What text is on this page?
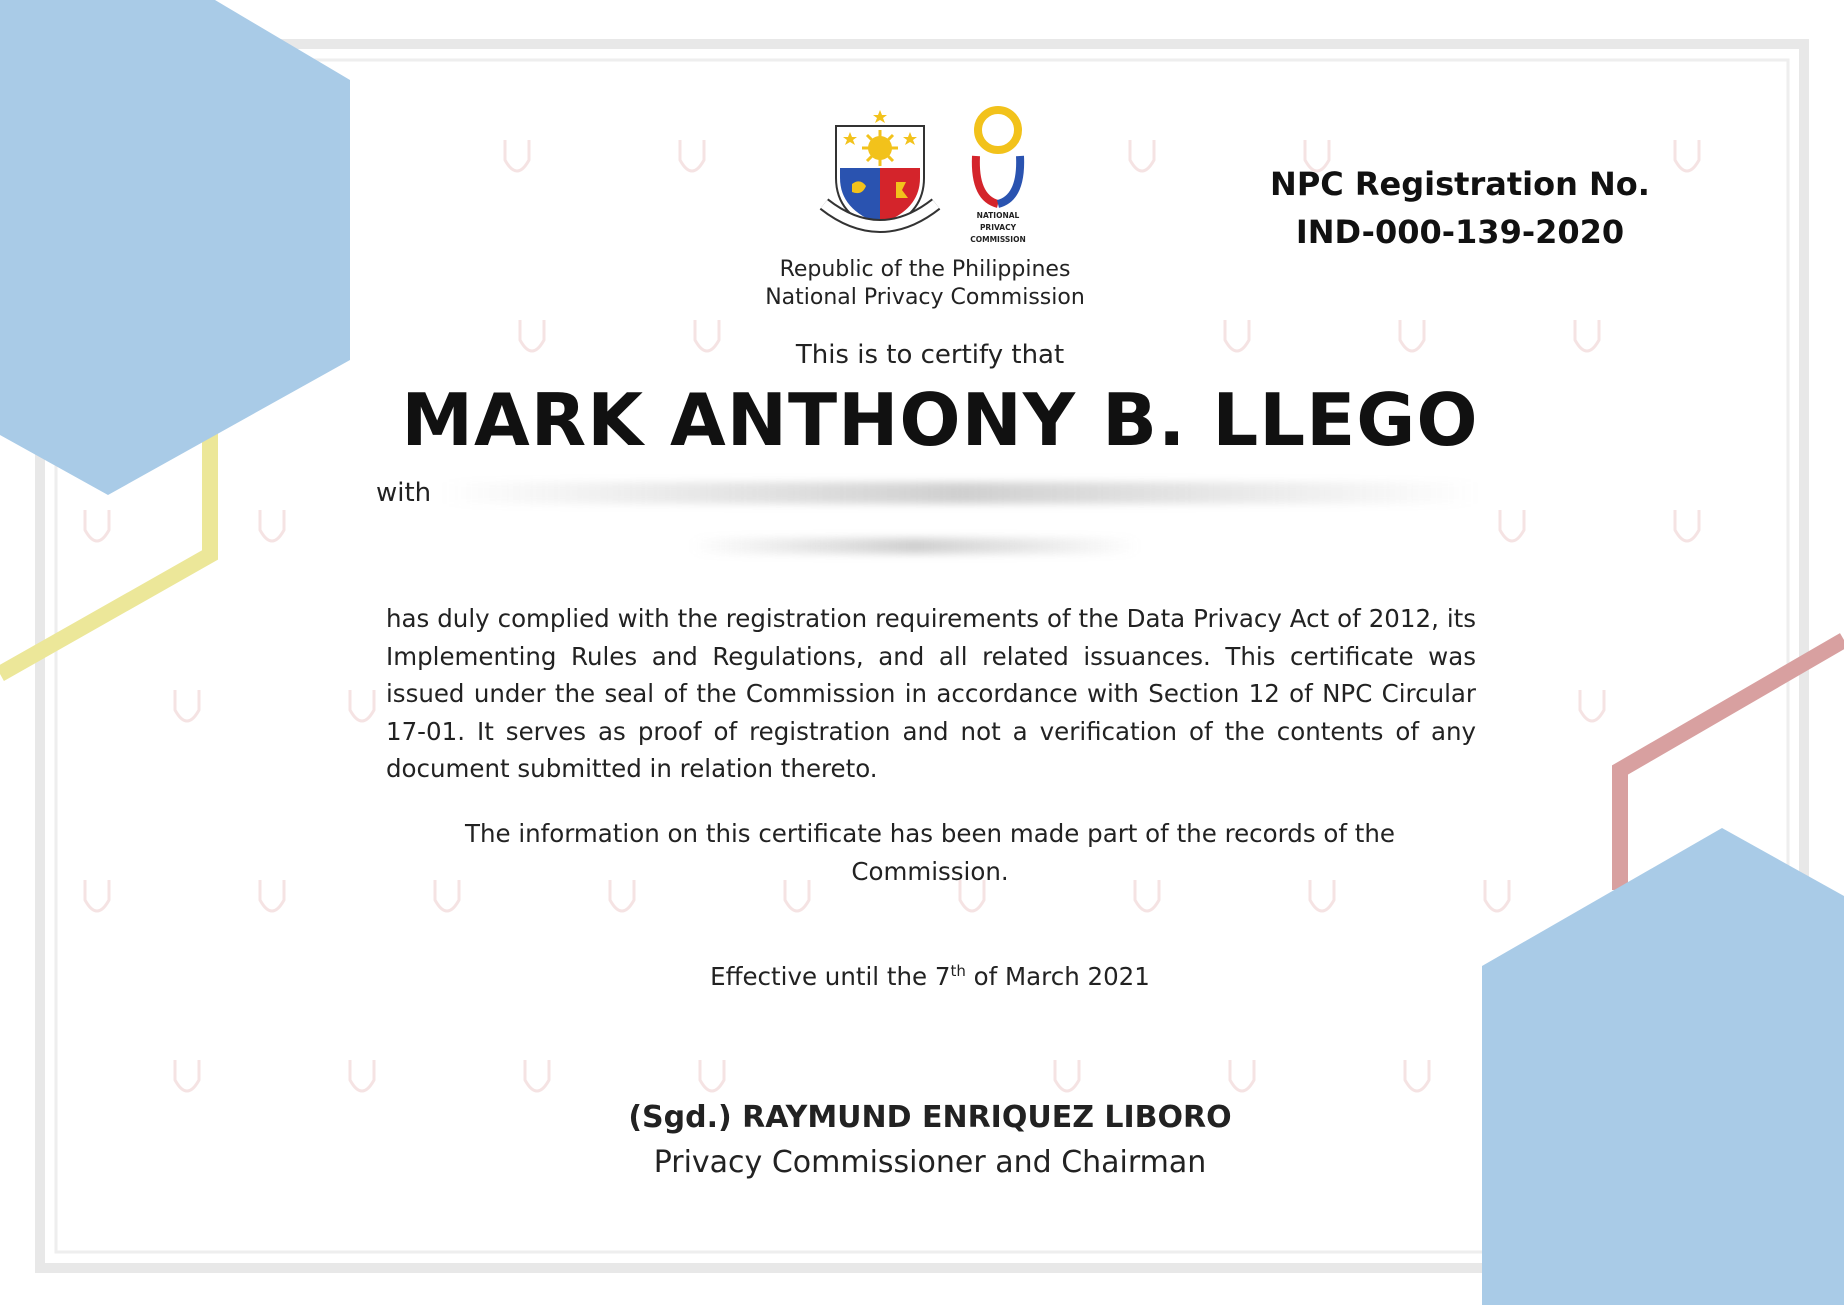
NATIONAL
PRIVACY
COMMISSION
NPC Registration No.
IND-000-139-2020
Republic of the Philippines
National Privacy Commission
This is to certify that
MARK ANTHONY B. LLEGO
with
has duly complied with the registration requirements of the Data Privacy Act of 2012, its Implementing Rules and Regulations, and all related issuances. This certificate was issued under the seal of the Commission in accordance with Section 12 of NPC Circular 17-01. It serves as proof of registration and not a verification of the contents of any document submitted in relation thereto.
The information on this certificate has been made part of the records of the Commission.
Effective until the 7th of March 2021
(Sgd.) RAYMUND ENRIQUEZ LIBORO
Privacy Commissioner and Chairman
